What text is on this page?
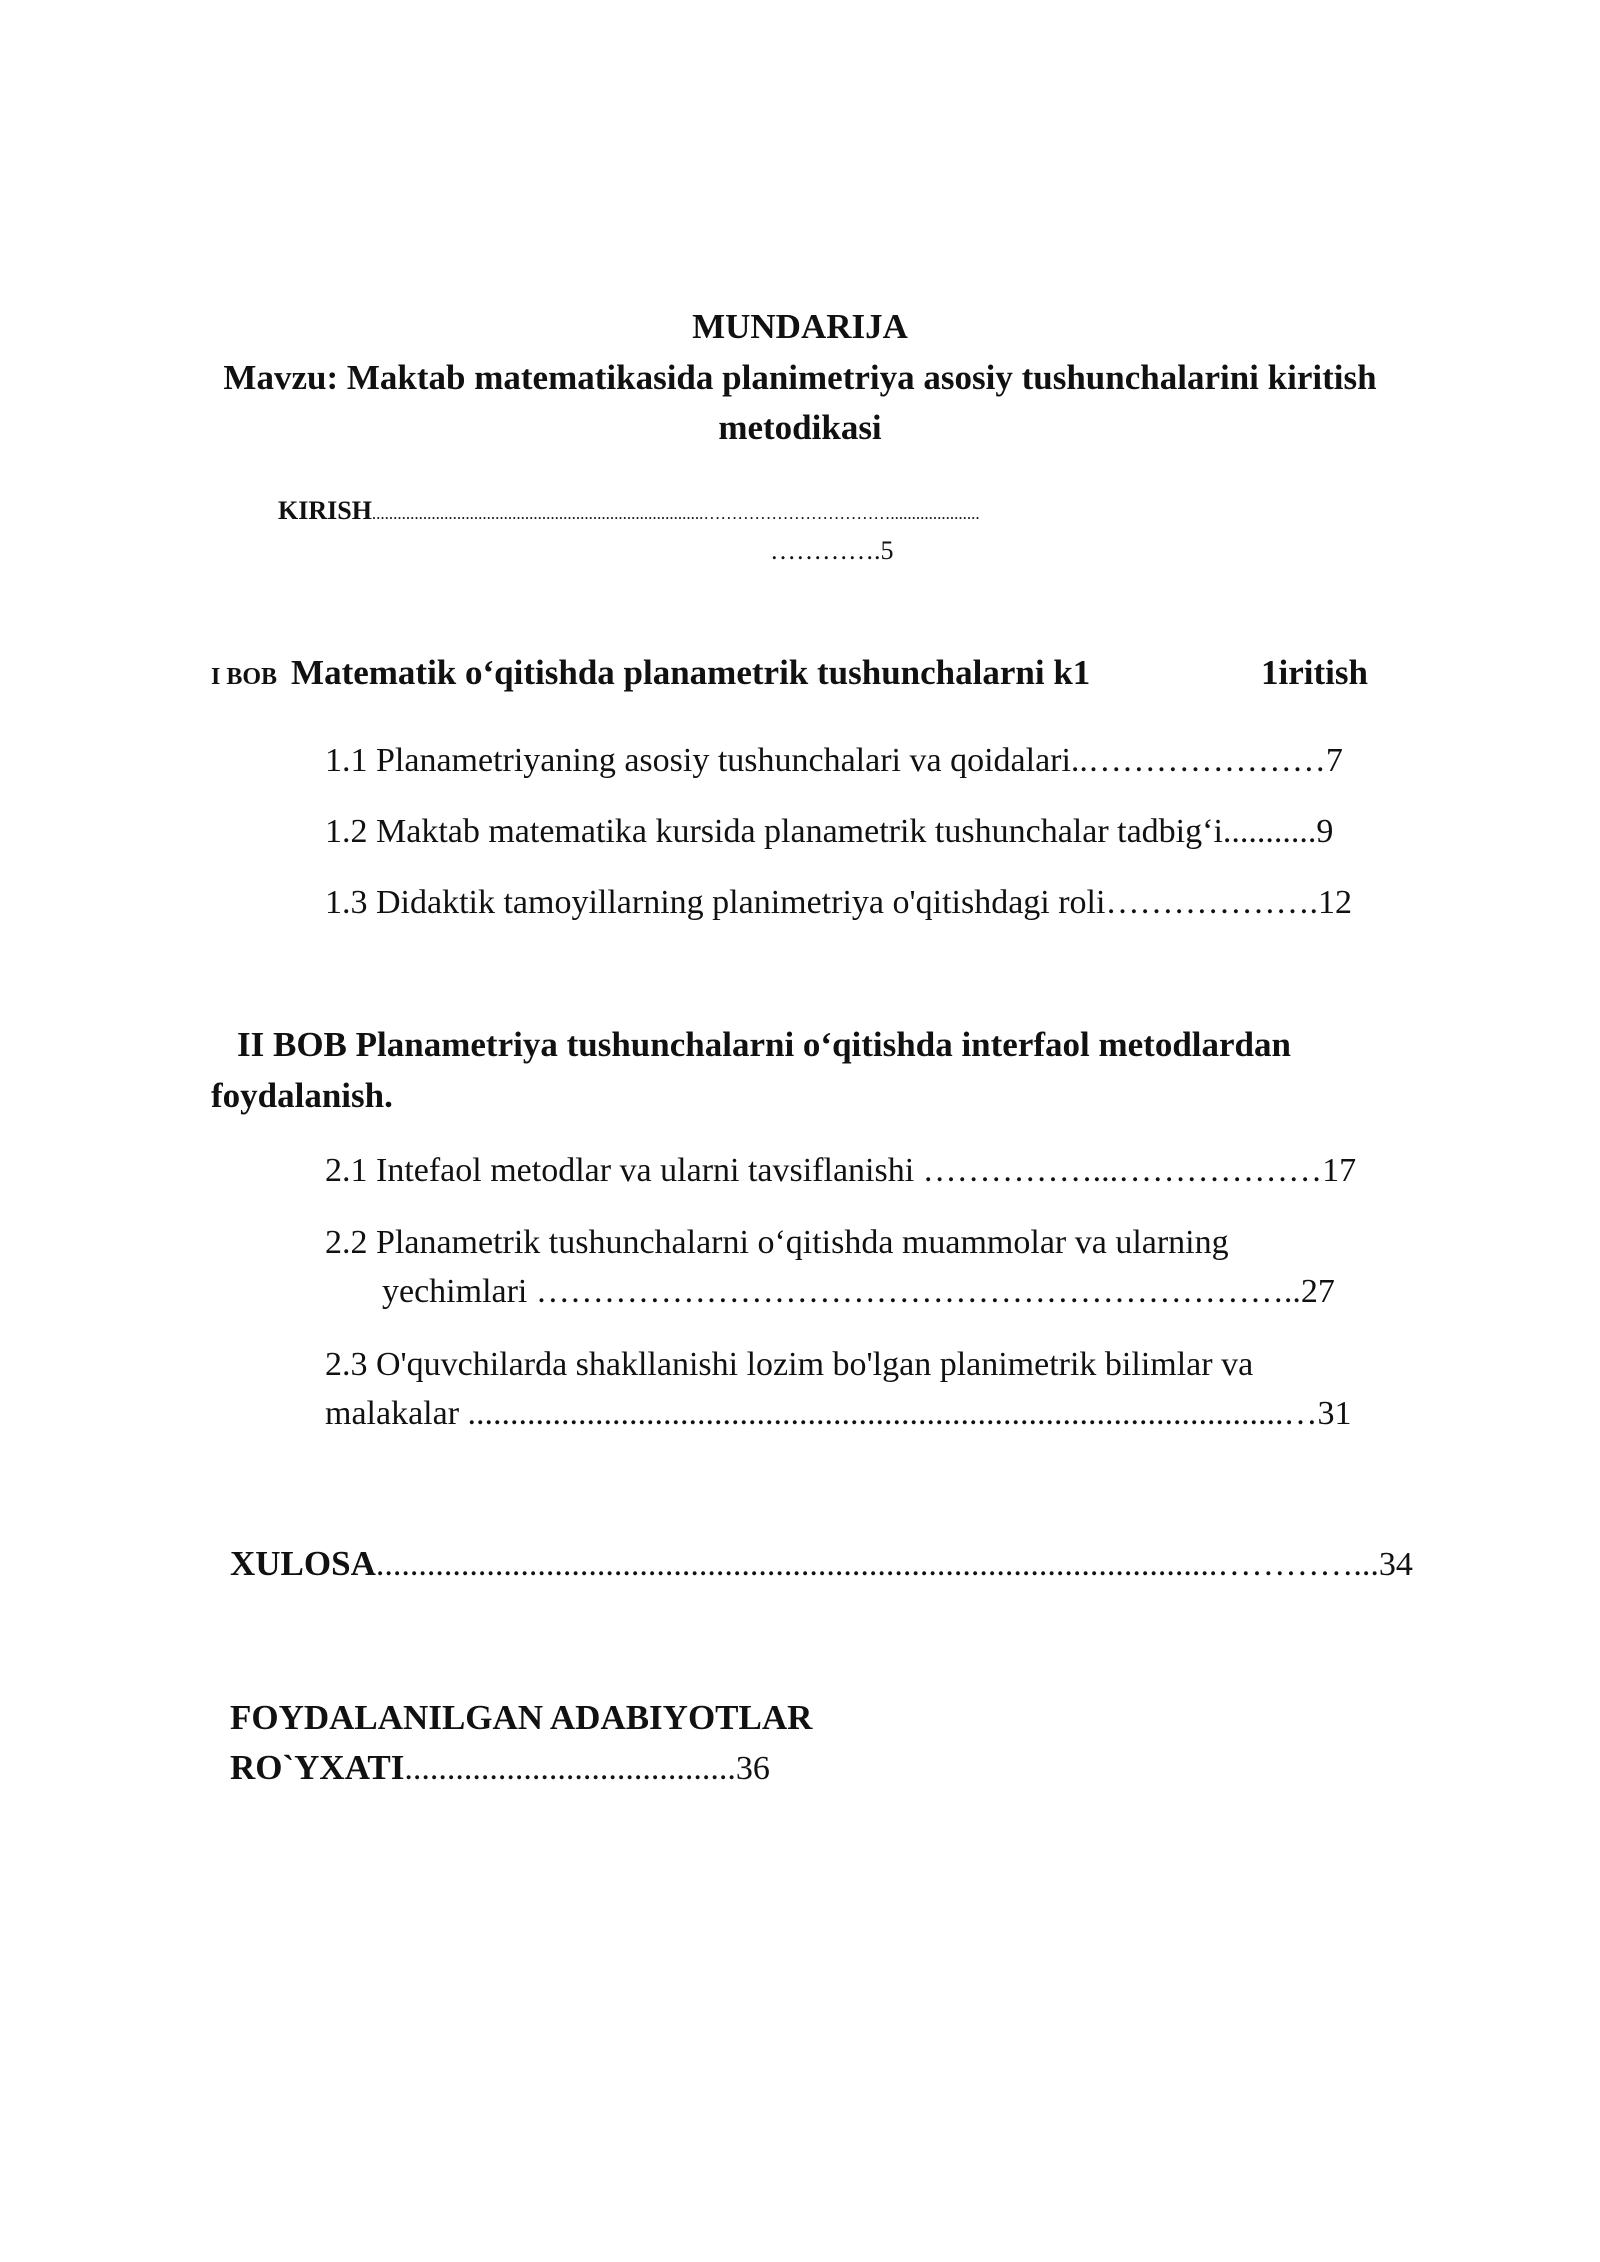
MUNDARIJA
Mavzu: Maktab matematikasida planimetriya asosiy tushunchalarini kiritish
metodikasi
KIRISH..............................................................................…………………………….....................
………….5
I BOB Matematik o‘qitishda planametrik tushunchalarni k1	1iritish
1.1 Planametriyaning asosiy tushunchalari va qoidalari..…………………7
1.2 Maktab matematika kursida planametrik tushunchalar tadbig‘i...........9
1.3 Didaktik tamoyillarning planimetriya o'qitishdagi roli……………….12
II BOB Planametriya tushunchalarni o‘qitishda interfaol metodlardan
foydalanish.
2.1 Intefaol metodlar va ularni tavsiflanishi ……………...………………17
2.2 Planametrik tushunchalarni o‘qitishda muammolar va ularning
yechimlari …………………………………………………………..27
2.3 O'quvchilarda shakllanishi lozim bo'lgan planimetrik bilimlar va
malakalar ................................................................................................…31
XULOSA...................................................................................................…………...34
FOYDALANILGAN ADABIYOTLAR
RO`YXATI.......................................36
